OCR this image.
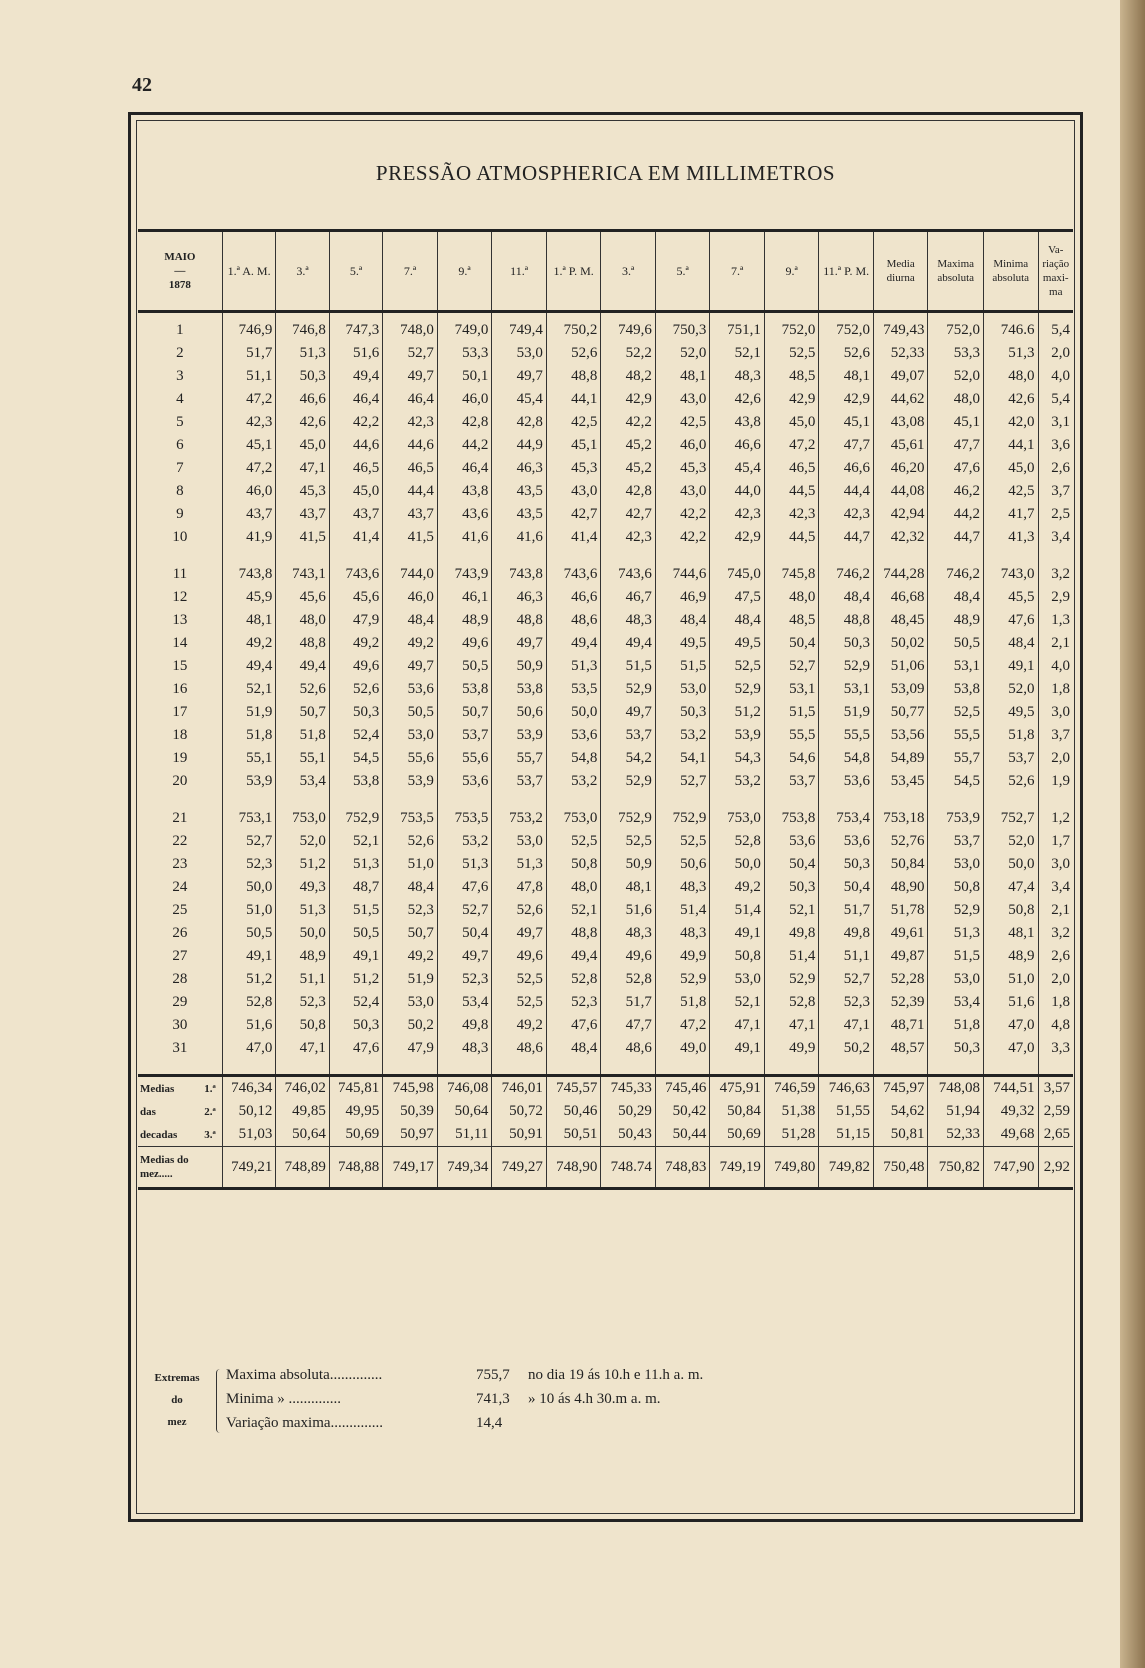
42
PRESSÃO ATMOSPHERICA EM MILLIMETROS
MAIO
—
1878	1.ª A. M.	3.ª	5.ª	7.ª	9.ª	11.ª	1.ª P. M.	3.ª	5.ª	7.ª	9.ª	11.ª P. M.	Media diurna	Maxima absoluta	Minima absoluta	Va- riação maxi- ma
1	746,9	746,8	747,3	748,0	749,0	749,4	750,2	749,6	750,3	751,1	752,0	752,0	749,43	752,0	746.6	5,4
2	51,7	51,3	51,6	52,7	53,3	53,0	52,6	52,2	52,0	52,1	52,5	52,6	52,33	53,3	51,3	2,0
3	51,1	50,3	49,4	49,7	50,1	49,7	48,8	48,2	48,1	48,3	48,5	48,1	49,07	52,0	48,0	4,0
4	47,2	46,6	46,4	46,4	46,0	45,4	44,1	42,9	43,0	42,6	42,9	42,9	44,62	48,0	42,6	5,4
5	42,3	42,6	42,2	42,3	42,8	42,8	42,5	42,2	42,5	43,8	45,0	45,1	43,08	45,1	42,0	3,1
6	45,1	45,0	44,6	44,6	44,2	44,9	45,1	45,2	46,0	46,6	47,2	47,7	45,61	47,7	44,1	3,6
7	47,2	47,1	46,5	46,5	46,4	46,3	45,3	45,2	45,3	45,4	46,5	46,6	46,20	47,6	45,0	2,6
8	46,0	45,3	45,0	44,4	43,8	43,5	43,0	42,8	43,0	44,0	44,5	44,4	44,08	46,2	42,5	3,7
9	43,7	43,7	43,7	43,7	43,6	43,5	42,7	42,7	42,2	42,3	42,3	42,3	42,94	44,2	41,7	2,5
10	41,9	41,5	41,4	41,5	41,6	41,6	41,4	42,3	42,2	42,9	44,5	44,7	42,32	44,7	41,3	3,4

11	743,8	743,1	743,6	744,0	743,9	743,8	743,6	743,6	744,6	745,0	745,8	746,2	744,28	746,2	743,0	3,2
12	45,9	45,6	45,6	46,0	46,1	46,3	46,6	46,7	46,9	47,5	48,0	48,4	46,68	48,4	45,5	2,9
13	48,1	48,0	47,9	48,4	48,9	48,8	48,6	48,3	48,4	48,4	48,5	48,8	48,45	48,9	47,6	1,3
14	49,2	48,8	49,2	49,2	49,6	49,7	49,4	49,4	49,5	49,5	50,4	50,3	50,02	50,5	48,4	2,1
15	49,4	49,4	49,6	49,7	50,5	50,9	51,3	51,5	51,5	52,5	52,7	52,9	51,06	53,1	49,1	4,0
16	52,1	52,6	52,6	53,6	53,8	53,8	53,5	52,9	53,0	52,9	53,1	53,1	53,09	53,8	52,0	1,8
17	51,9	50,7	50,3	50,5	50,7	50,6	50,0	49,7	50,3	51,2	51,5	51,9	50,77	52,5	49,5	3,0
18	51,8	51,8	52,4	53,0	53,7	53,9	53,6	53,7	53,2	53,9	55,5	55,5	53,56	55,5	51,8	3,7
19	55,1	55,1	54,5	55,6	55,6	55,7	54,8	54,2	54,1	54,3	54,6	54,8	54,89	55,7	53,7	2,0
20	53,9	53,4	53,8	53,9	53,6	53,7	53,2	52,9	52,7	53,2	53,7	53,6	53,45	54,5	52,6	1,9

21	753,1	753,0	752,9	753,5	753,5	753,2	753,0	752,9	752,9	753,0	753,8	753,4	753,18	753,9	752,7	1,2
22	52,7	52,0	52,1	52,6	53,2	53,0	52,5	52,5	52,5	52,8	53,6	53,6	52,76	53,7	52,0	1,7
23	52,3	51,2	51,3	51,0	51,3	51,3	50,8	50,9	50,6	50,0	50,4	50,3	50,84	53,0	50,0	3,0
24	50,0	49,3	48,7	48,4	47,6	47,8	48,0	48,1	48,3	49,2	50,3	50,4	48,90	50,8	47,4	3,4
25	51,0	51,3	51,5	52,3	52,7	52,6	52,1	51,6	51,4	51,4	52,1	51,7	51,78	52,9	50,8	2,1
26	50,5	50,0	50,5	50,7	50,4	49,7	48,8	48,3	48,3	49,1	49,8	49,8	49,61	51,3	48,1	3,2
27	49,1	48,9	49,1	49,2	49,7	49,6	49,4	49,6	49,9	50,8	51,4	51,1	49,87	51,5	48,9	2,6
28	51,2	51,1	51,2	51,9	52,3	52,5	52,8	52,8	52,9	53,0	52,9	52,7	52,28	53,0	51,0	2,0
29	52,8	52,3	52,4	53,0	53,4	52,5	52,3	51,7	51,8	52,1	52,8	52,3	52,39	53,4	51,6	1,8
30	51,6	50,8	50,3	50,2	49,8	49,2	47,6	47,7	47,2	47,1	47,1	47,1	48,71	51,8	47,0	4,8
31	47,0	47,1	47,6	47,9	48,3	48,6	48,4	48,6	49,0	49,1	49,9	50,2	48,57	50,3	47,0	3,3

Medias 1.ª	746,34	746,02	745,81	745,98	746,08	746,01	745,57	745,33	745,46	475,91	746,59	746,63	745,97	748,08	744,51	3,57
das 2.ª	50,12	49,85	49,95	50,39	50,64	50,72	50,46	50,29	50,42	50,84	51,38	51,55	54,62	51,94	49,32	2,59
decadas 3.ª	51,03	50,64	50,69	50,97	51,11	50,91	50,51	50,43	50,44	50,69	51,28	51,15	50,81	52,33	49,68	2,65
Medias do mez.....	749,21	748,89	748,88	749,17	749,34	749,27	748,90	748.74	748,83	749,19	749,80	749,82	750,48	750,82	747,90	2,92
Extremas
do
mez
Maxima absoluta..............	755,7 no dia 19 ás 10.h e 11.h a. m.
Minima » ..............	741,3 » 10 ás 4.h 30.m a. m.
Variação maxima..............	14,4
